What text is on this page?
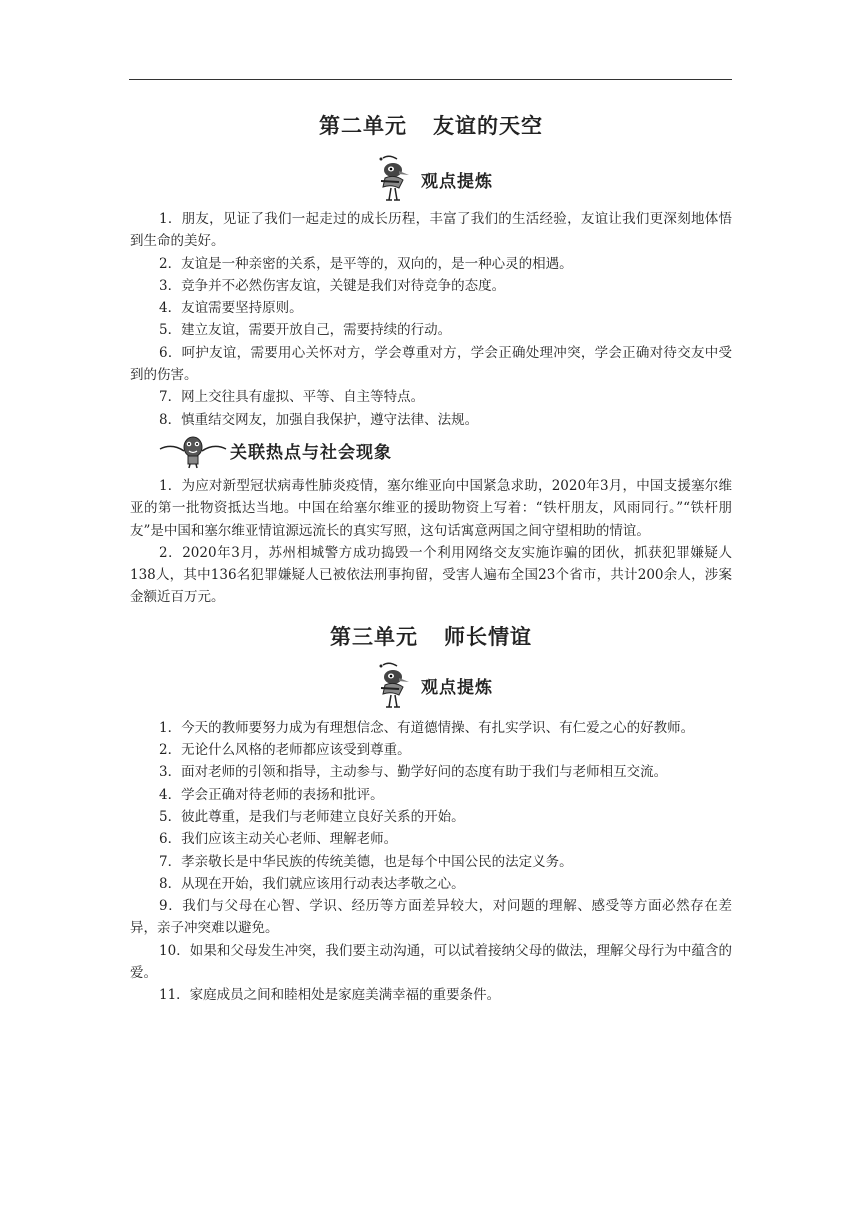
第二单元 友谊的天空
观点提炼

1．朋友，见证了我们一起走过的成长历程，丰富了我们的生活经验，友谊让我们更深刻地体悟到生命的美好。

2．友谊是一种亲密的关系，是平等的，双向的，是一种心灵的相遇。

3．竞争并不必然伤害友谊，关键是我们对待竞争的态度。

4．友谊需要坚持原则。

5．建立友谊，需要开放自己，需要持续的行动。

6．呵护友谊，需要用心关怀对方，学会尊重对方，学会正确处理冲突，学会正确对待交友中受到的伤害。

7．网上交往具有虚拟、平等、自主等特点。

8．慎重结交网友，加强自我保护，遵守法律、法规。

关联热点与社会现象

1．为应对新型冠状病毒性肺炎疫情，塞尔维亚向中国紧急求助，2020年3月，中国支援塞尔维亚的第一批物资抵达当地。中国在给塞尔维亚的援助物资上写着：“铁杆朋友，风雨同行。”“铁杆朋友”是中国和塞尔维亚情谊源远流长的真实写照，这句话寓意两国之间守望相助的情谊。

2．2020年3月，苏州相城警方成功捣毁一个利用网络交友实施诈骗的团伙，抓获犯罪嫌疑人138人，其中136名犯罪嫌疑人已被依法刑事拘留，受害人遍布全国23个省市，共计200余人，涉案金额近百万元。

第三单元 师长情谊
观点提炼

1．今天的教师要努力成为有理想信念、有道德情操、有扎实学识、有仁爱之心的好教师。

2．无论什么风格的老师都应该受到尊重。

3．面对老师的引领和指导，主动参与、勤学好问的态度有助于我们与老师相互交流。

4．学会正确对待老师的表扬和批评。

5．彼此尊重，是我们与老师建立良好关系的开始。

6．我们应该主动关心老师、理解老师。

7．孝亲敬长是中华民族的传统美德，也是每个中国公民的法定义务。

8．从现在开始，我们就应该用行动表达孝敬之心。

9．我们与父母在心智、学识、经历等方面差异较大，对问题的理解、感受等方面必然存在差异，亲子冲突难以避免。

10．如果和父母发生冲突，我们要主动沟通，可以试着接纳父母的做法，理解父母行为中蕴含的爱。

11．家庭成员之间和睦相处是家庭美满幸福的重要条件。
